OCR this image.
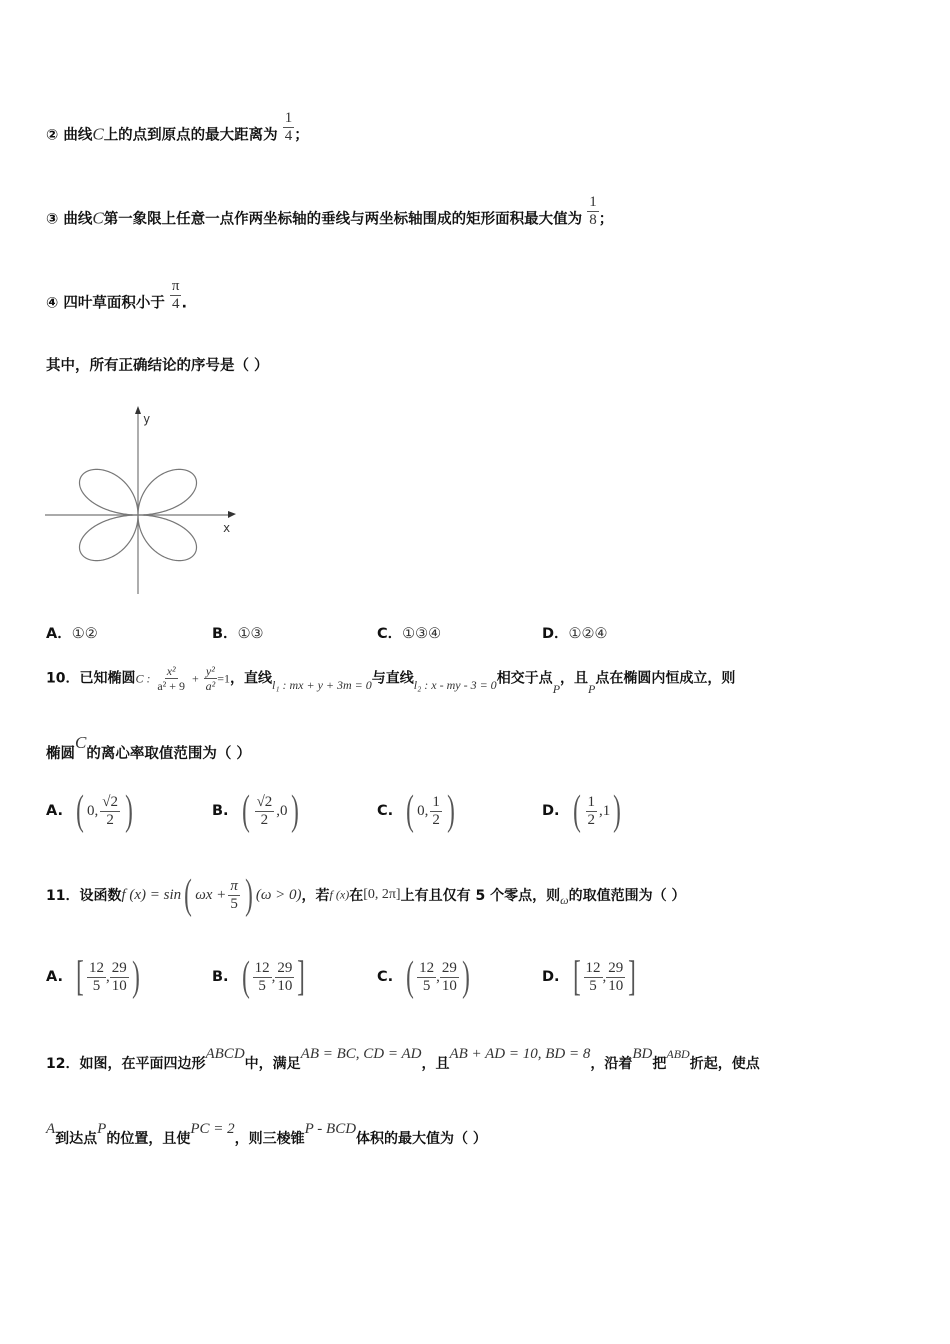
② 曲线C上的点到原点的最大距离为 $\frac{1}{4}$ ；
③ 曲线C第一象限上任意一点作两坐标轴的垂线与两坐标轴围成的矩形面积最大值为 $\frac{1}{8}$ ；
④ 四叶草面积小于 $\frac{\pi}{4}$ .
其中，所有正确结论的序号是（ ）
y
x
A．①②	B．①③	C．①③④	D．①②④
10．已知椭圆C : $\frac{\text{x²}}{\text{a² + 9}} + \frac{\text{y²}}{\text{a²}} =1$，直线l₁ : mx + y + 3m = 0与直线l₂ : x - my - 3 = 0相交于点P，且P点在椭圆内恒成立，则
椭圆C的离心率取值范围为（ ）
A. ( 0, $\frac{√2}{2}$ )	B. ( $\frac{√2}{2} ,0$ )	C. ( 0, $\frac{1}{2}$ )	D. ( $\frac{1}{2} ,1$ )
11．设函数 f (x) = sin ( $\omega x + \frac{\pi}{5}$ ) (ω > 0) ，若f (x)在[0, 2π]上有且仅有 5 个零点，则ω的取值范围为（ ）
A. [ $\frac{12}{5}$ , $\frac{29}{10}$ )	B. ( $\frac{12}{5}$ , $\frac{29}{10}$ ]	C. ( $\frac{12}{5}$ , $\frac{29}{10}$ )	D. [ $\frac{12}{5}$ , $\frac{29}{10}$ ]
12．如图，在平面四边形ABCD中，满足AB = BC, CD = AD，且AB + AD = 10, BD = 8，沿着BD把ABD折起，使点
A到达点P的位置，且使PC = 2，则三棱锥P - BCD体积的最大值为（ ）
